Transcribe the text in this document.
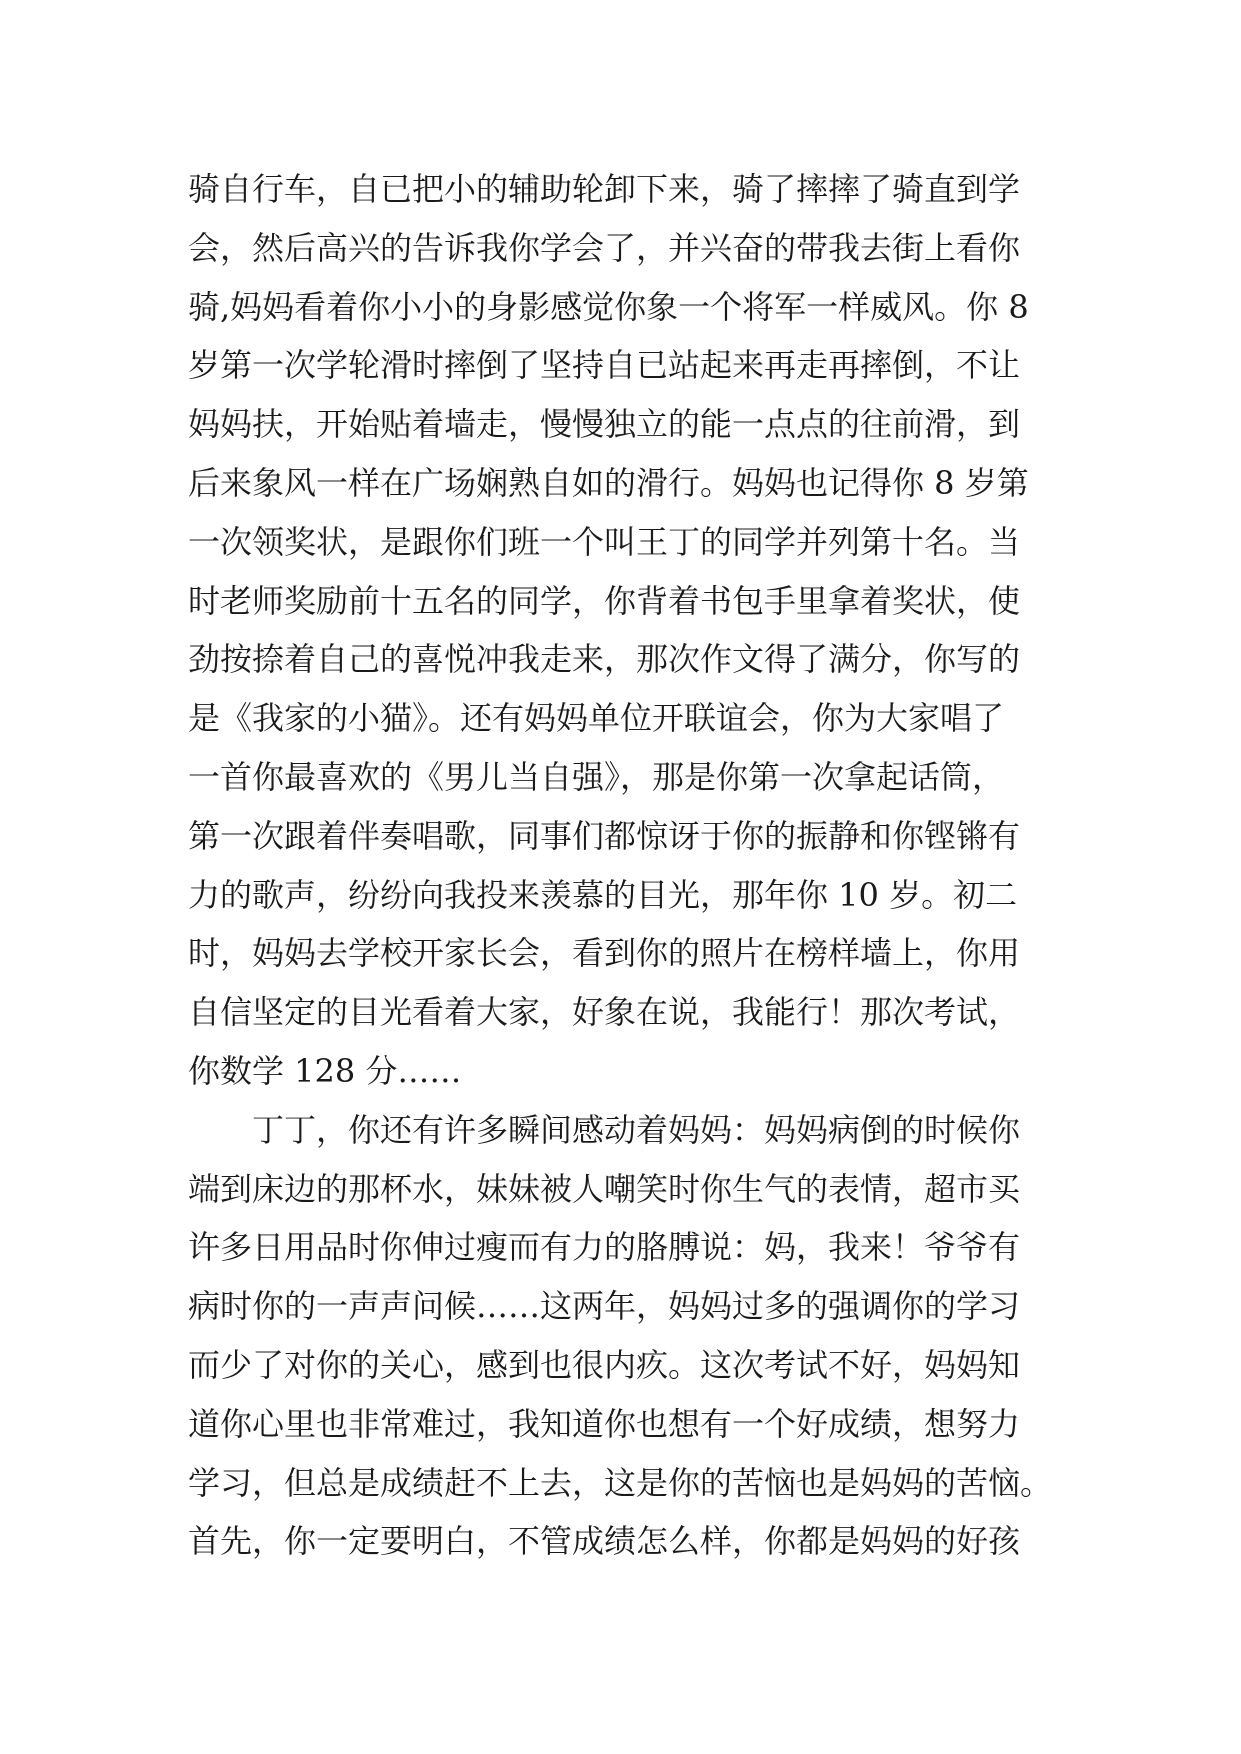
骑自行车，自已把小的辅助轮卸下来，骑了摔摔了骑直到学
会，然后高兴的告诉我你学会了，并兴奋的带我去街上看你
骑,妈妈看着你小小的身影感觉你象一个将军一样威风。你 8
岁第一次学轮滑时摔倒了坚持自已站起来再走再摔倒，不让
妈妈扶，开始贴着墙走，慢慢独立的能一点点的往前滑，到
后来象风一样在广场娴熟自如的滑行。妈妈也记得你 8 岁第
一次领奖状，是跟你们班一个叫王丁的同学并列第十名。当
时老师奖励前十五名的同学，你背着书包手里拿着奖状，使
劲按捺着自己的喜悦冲我走来，那次作文得了满分，你写的
是《我家的小猫》。还有妈妈单位开联谊会，你为大家唱了
一首你最喜欢的《男儿当自强》，那是你第一次拿起话筒，
第一次跟着伴奏唱歌，同事们都惊讶于你的振静和你铿锵有
力的歌声，纷纷向我投来羡慕的目光，那年你 10 岁。初二
时，妈妈去学校开家长会，看到你的照片在榜样墙上，你用
自信坚定的目光看着大家，好象在说，我能行！那次考试，
你数学 128 分……
丁丁，你还有许多瞬间感动着妈妈：妈妈病倒的时候你
端到床边的那杯水，妹妹被人嘲笑时你生气的表情，超市买
许多日用品时你伸过瘦而有力的胳膊说：妈，我来！爷爷有
病时你的一声声问候……这两年，妈妈过多的强调你的学习
而少了对你的关心，感到也很内疚。这次考试不好，妈妈知
道你心里也非常难过，我知道你也想有一个好成绩，想努力
学习，但总是成绩赶不上去，这是你的苦恼也是妈妈的苦恼。
首先，你一定要明白，不管成绩怎么样，你都是妈妈的好孩
